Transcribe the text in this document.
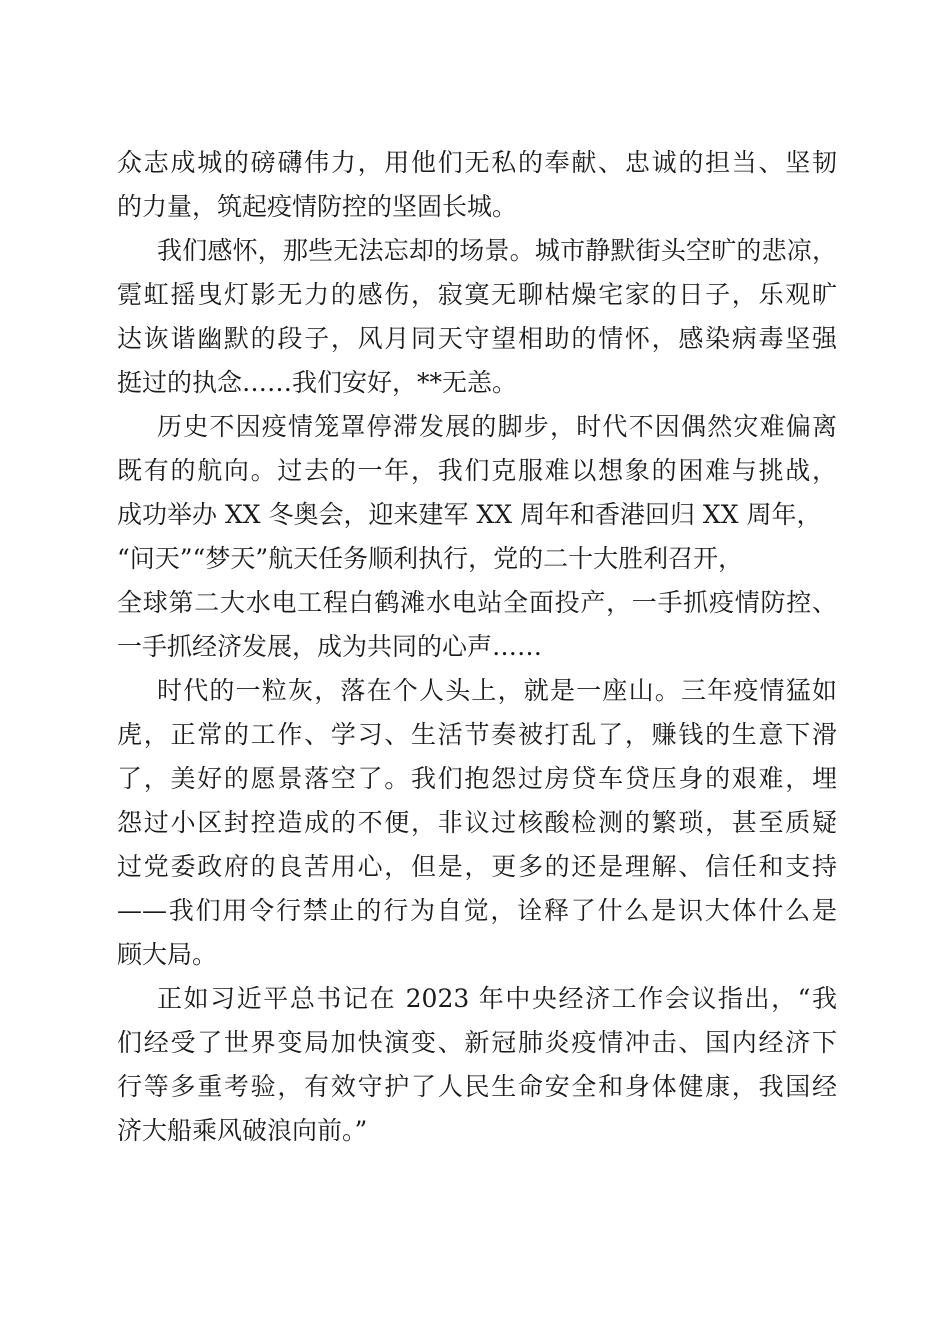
众志成城的磅礴伟力，用他们无私的奉献、忠诚的担当、坚韧
的力量，筑起疫情防控的坚固长城。
我们感怀，那些无法忘却的场景。城市静默街头空旷的悲凉，
霓虹摇曳灯影无力的感伤，寂寞无聊枯燥宅家的日子，乐观旷
达诙谐幽默的段子，风月同天守望相助的情怀，感染病毒坚强
挺过的执念……我们安好，**无恙。
历史不因疫情笼罩停滞发展的脚步，时代不因偶然灾难偏离
既有的航向。过去的一年，我们克服难以想象的困难与挑战，
成功举办 XX 冬奥会，迎来建军 XX 周年和香港回归 XX 周年，
“问天”“梦天”航天任务顺利执行，党的二十大胜利召开，
全球第二大水电工程白鹤滩水电站全面投产，一手抓疫情防控、
一手抓经济发展，成为共同的心声……
时代的一粒灰，落在个人头上，就是一座山。三年疫情猛如
虎，正常的工作、学习、生活节奏被打乱了，赚钱的生意下滑
了，美好的愿景落空了。我们抱怨过房贷车贷压身的艰难，埋
怨过小区封控造成的不便，非议过核酸检测的繁琐，甚至质疑
过党委政府的良苦用心，但是，更多的还是理解、信任和支持
——我们用令行禁止的行为自觉，诠释了什么是识大体什么是
顾大局。
正如习近平总书记在 2023 年中央经济工作会议指出，“我
们经受了世界变局加快演变、新冠肺炎疫情冲击、国内经济下
行等多重考验，有效守护了人民生命安全和身体健康，我国经
济大船乘风破浪向前。”
